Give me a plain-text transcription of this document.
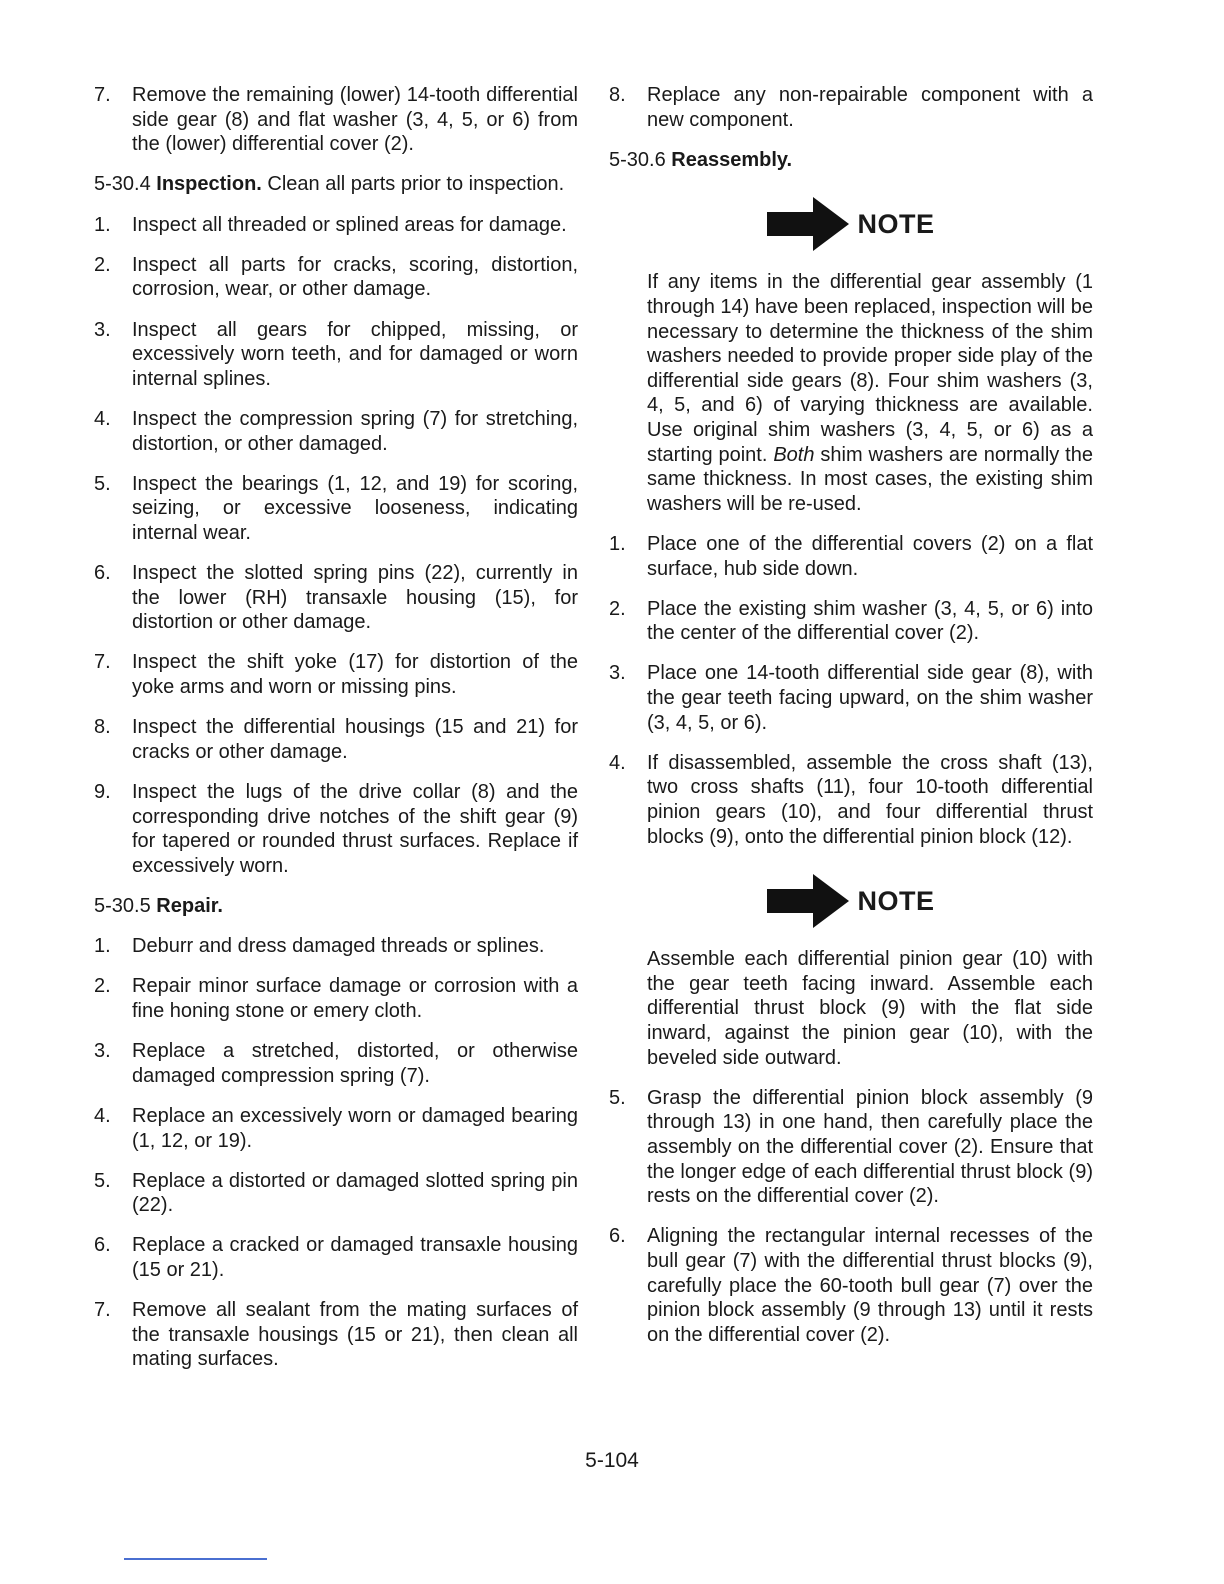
7.	Remove the remaining (lower) 14-tooth differential side gear (8) and flat washer (3, 4, 5, or 6) from the (lower) differential cover (2).
5-30.4 Inspection. Clean all parts prior to inspection.
1.	Inspect all threaded or splined areas for damage.
2.	Inspect all parts for cracks, scoring, distortion, corrosion, wear, or other damage.
3.	Inspect all gears for chipped, missing, or excessively worn teeth, and for damaged or worn internal splines.
4.	Inspect the compression spring (7) for stretching, distortion, or other damaged.
5.	Inspect the bearings (1, 12, and 19) for scoring, seizing, or excessive looseness, indicating internal wear.
6.	Inspect the slotted spring pins (22), currently in the lower (RH) transaxle housing (15), for distortion or other damage.
7.	Inspect the shift yoke (17) for distortion of the yoke arms and worn or missing pins.
8.	Inspect the differential housings (15 and 21) for cracks or other damage.
9.	Inspect the lugs of the drive collar (8) and the corresponding drive notches of the shift gear (9) for tapered or rounded thrust surfaces. Replace if excessively worn.
5-30.5 Repair.
1.	Deburr and dress damaged threads or splines.
2.	Repair minor surface damage or corrosion with a fine honing stone or emery cloth.
3.	Replace a stretched, distorted, or otherwise damaged compression spring (7).
4.	Replace an excessively worn or damaged bearing (1, 12, or 19).
5.	Replace a distorted or damaged slotted spring pin (22).
6.	Replace a cracked or damaged transaxle housing (15 or 21).
7.	Remove all sealant from the mating surfaces of the transaxle housings (15 or 21), then clean all mating surfaces.
8.	Replace any non-repairable component with a new component.
5-30.6 Reassembly.
NOTE
If any items in the differential gear assembly (1 through 14) have been replaced, inspection will be necessary to determine the thickness of the shim washers needed to provide proper side play of the differential side gears (8). Four shim washers (3, 4, 5, and 6) of varying thickness are available. Use original shim washers (3, 4, 5, or 6) as a starting point. Both shim washers are normally the same thickness. In most cases, the existing shim washers will be re-used.
1.	Place one of the differential covers (2) on a flat surface, hub side down.
2.	Place the existing shim washer (3, 4, 5, or 6) into the center of the differential cover (2).
3.	Place one 14-tooth differential side gear (8), with the gear teeth facing upward, on the shim washer (3, 4, 5, or 6).
4.	If disassembled, assemble the cross shaft (13), two cross shafts (11), four 10-tooth differential pinion gears (10), and four differential thrust blocks (9), onto the differential pinion block (12).
NOTE
Assemble each differential pinion gear (10) with the gear teeth facing inward. Assemble each differential thrust block (9) with the flat side inward, against the pinion gear (10), with the beveled side outward.
5.	Grasp the differential pinion block assembly (9 through 13) in one hand, then carefully place the assembly on the differential cover (2). Ensure that the longer edge of each differential thrust block (9) rests on the differential cover (2).
6.	Aligning the rectangular internal recesses of the bull gear (7) with the differential thrust blocks (9), carefully place the 60-tooth bull gear (7) over the pinion block assembly (9 through 13) until it rests on the differential cover (2).
5-104
